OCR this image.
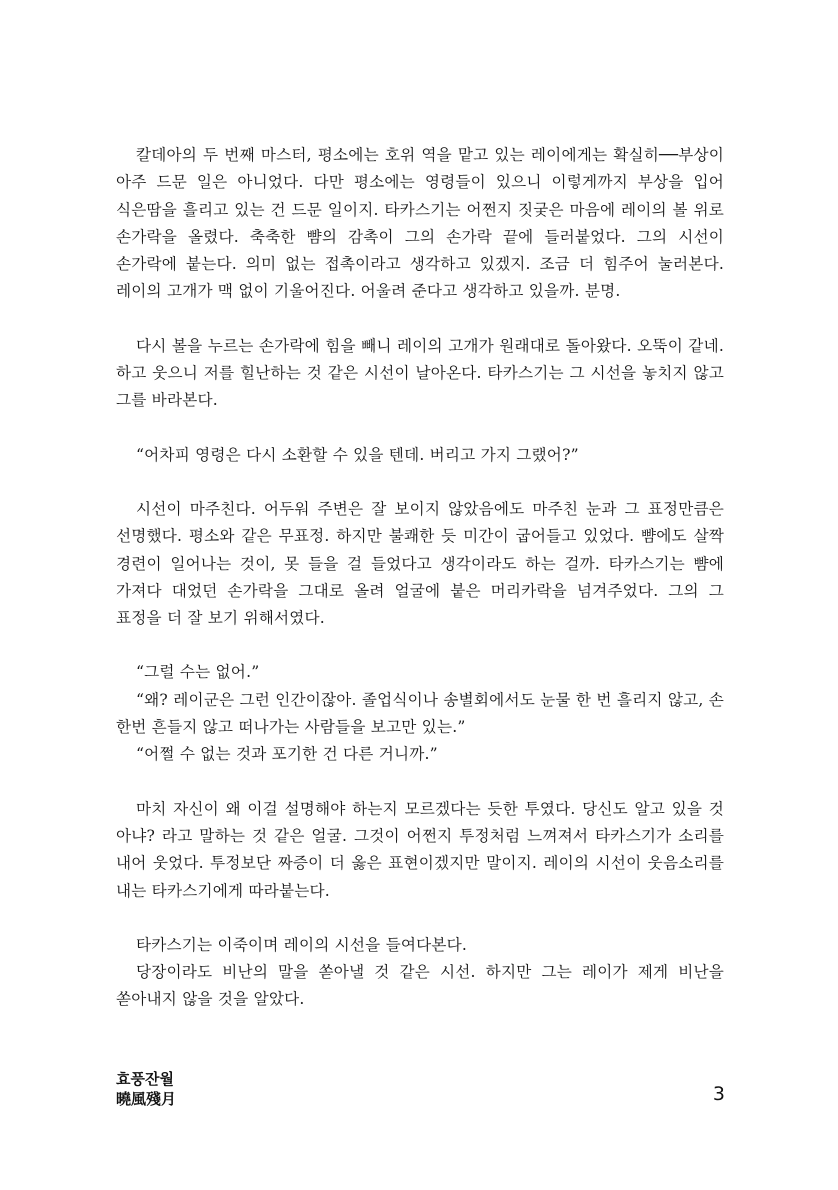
칼데아의 두 번째 마스터, 평소에는 호위 역을 맡고 있는 레이에게는 확실히──부상이 아주 드문 일은 아니었다. 다만 평소에는 영령들이 있으니 이렇게까지 부상을 입어 식은땀을 흘리고 있는 건 드문 일이지. 타카스기는 어쩐지 짓궂은 마음에 레이의 볼 위로 손가락을 올렸다. 축축한 뺨의 감촉이 그의 손가락 끝에 들러붙었다. 그의 시선이 손가락에 붙는다. 의미 없는 접촉이라고 생각하고 있겠지. 조금 더 힘주어 눌러본다. 레이의 고개가 맥 없이 기울어진다. 어울려 준다고 생각하고 있을까. 분명.

다시 볼을 누르는 손가락에 힘을 빼니 레이의 고개가 원래대로 돌아왔다. 오뚝이 같네. 하고 웃으니 저를 힐난하는 것 같은 시선이 날아온다. 타카스기는 그 시선을 놓치지 않고 그를 바라본다.

“어차피 영령은 다시 소환할 수 있을 텐데. 버리고 가지 그랬어?”

시선이 마주친다. 어두워 주변은 잘 보이지 않았음에도 마주친 눈과 그 표정만큼은 선명했다. 평소와 같은 무표정. 하지만 불쾌한 듯 미간이 굽어들고 있었다. 뺨에도 살짝 경련이 일어나는 것이, 못 들을 걸 들었다고 생각이라도 하는 걸까. 타카스기는 뺨에 가져다 대었던 손가락을 그대로 올려 얼굴에 붙은 머리카락을 넘겨주었다. 그의 그 표정을 더 잘 보기 위해서였다.

“그럴 수는 없어.”

“왜? 레이군은 그런 인간이잖아. 졸업식이나 송별회에서도 눈물 한 번 흘리지 않고, 손 한번 흔들지 않고 떠나가는 사람들을 보고만 있는.”

“어쩔 수 없는 것과 포기한 건 다른 거니까.”

마치 자신이 왜 이걸 설명해야 하는지 모르겠다는 듯한 투였다. 당신도 알고 있을 것 아냐? 라고 말하는 것 같은 얼굴. 그것이 어쩐지 투정처럼 느껴져서 타카스기가 소리를 내어 웃었다. 투정보단 짜증이 더 옳은 표현이겠지만 말이지. 레이의 시선이 웃음소리를 내는 타카스기에게 따라붙는다.

타카스기는 이죽이며 레이의 시선을 들여다본다.

당장이라도 비난의 말을 쏟아낼 것 같은 시선. 하지만 그는 레이가 제게 비난을 쏟아내지 않을 것을 알았다.

효풍잔월
曉風殘月	3
